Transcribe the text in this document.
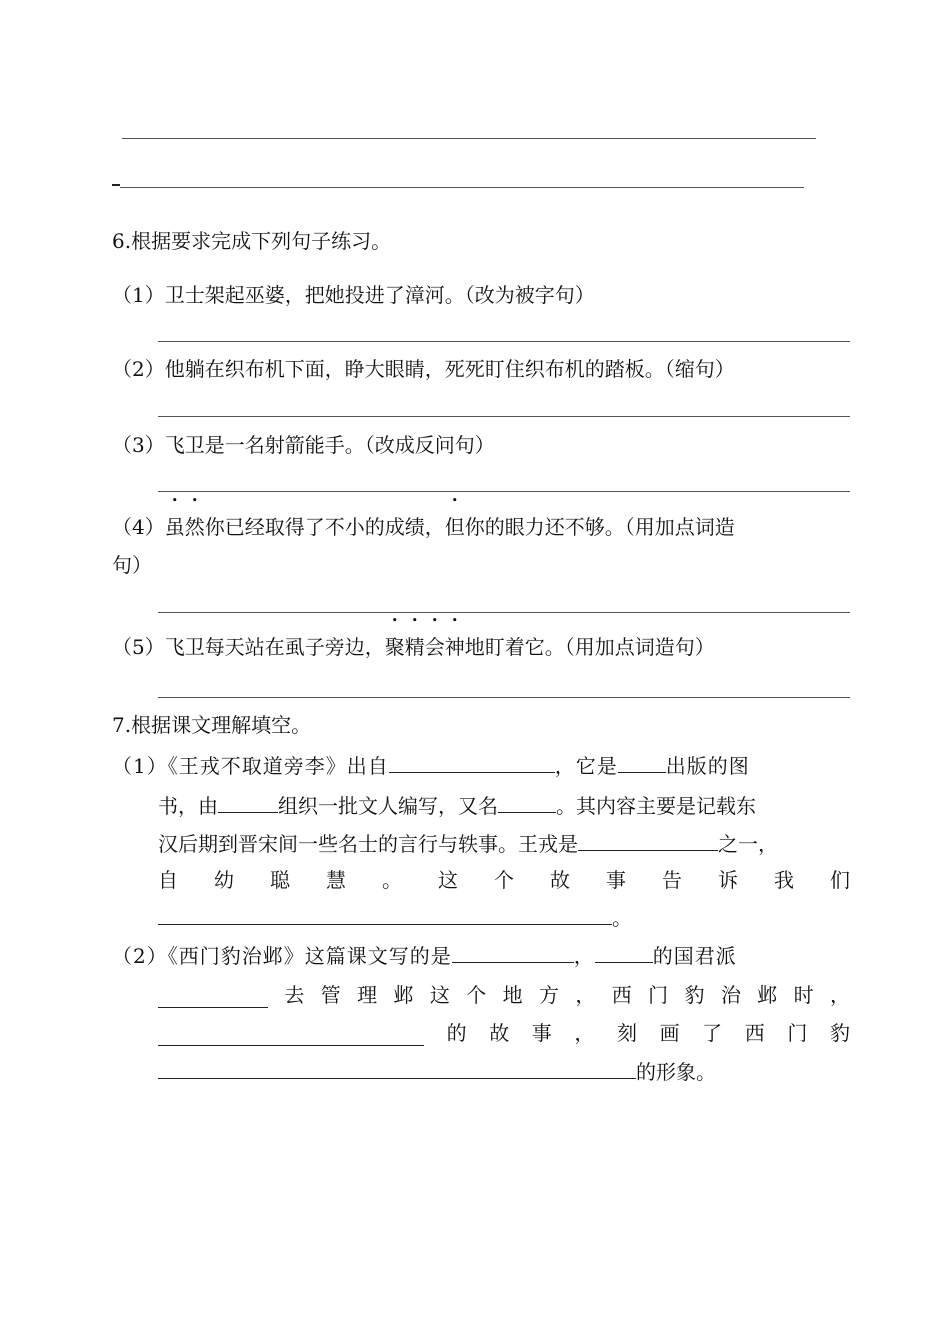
6.根据要求完成下列句子练习。
（1）卫士架起巫婆，把她投进了漳河。（改为被字句）
（2）他躺在织布机下面，睁大眼睛，死死盯住织布机的踏板。（缩句）
（3）飞卫是一名射箭能手。（改成反问句）
（4）虽然你已经取得了不小的成绩，但你的眼力还不够。（用加点词造
句）
（5）飞卫每天站在虱子旁边，聚精会神地盯着它。（用加点词造句）
7.根据课文理解填空。
（1）《王戎不取道旁李》出自	，它是 出版的图
书，由	组织一批文人编写，又名	。其内容主要是记载东
汉后期到晋宋间一些名士的言行与轶事。王戎是	之一，
自 幼 聪 慧 。 这 个 故 事 告 诉 我 们
。
（2）《西门豹治邺》这篇课文写的是	，	的国君派
去 管 理 邺 这 个 地 方 ， 西 门 豹 治 邺 时 ，
的 故 事 ， 刻 画 了 西 门 豹
的形象。
